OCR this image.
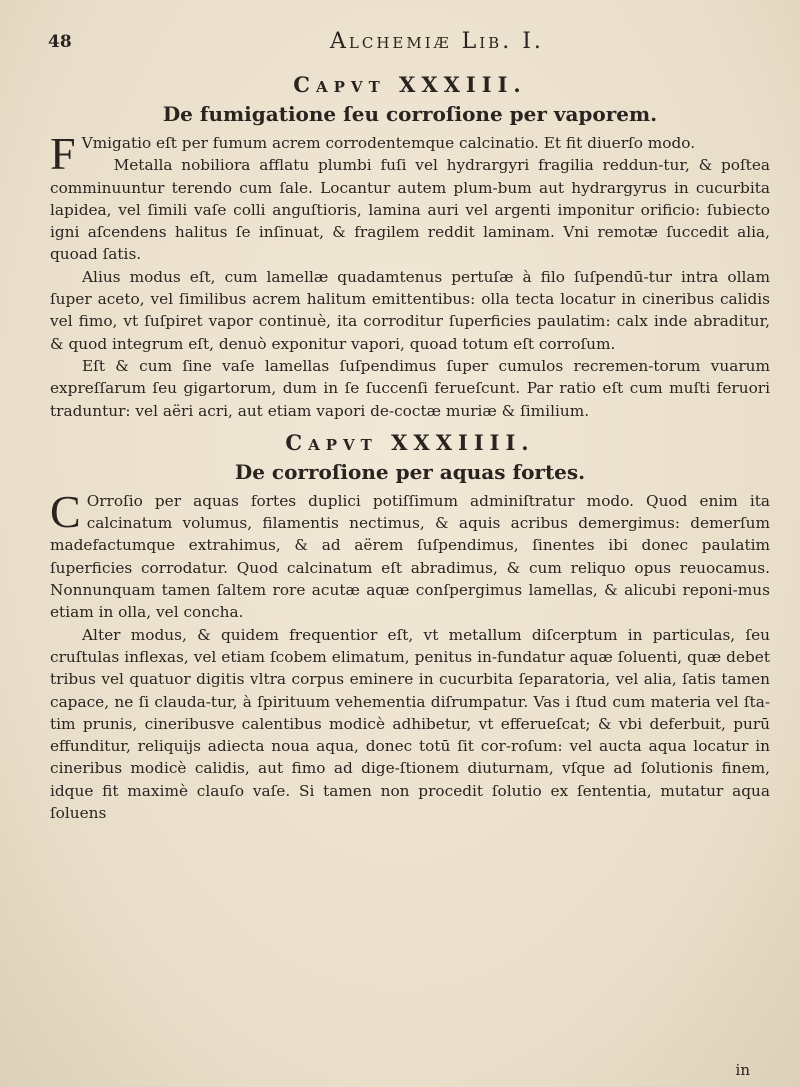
48	Alchemiæ Lib. I.
Capvt XXXIII.
De fumigatione ſeu corroſione per vaporem.

F Vmigatio eſt per fumum acrem corrodentemque calcinatio. Et fit diuerſo modo.

Metalla nobiliora afflatu plumbi fuſi vel hydrargyri fragilia reddun-tur, & poſtea comminuuntur terendo cum ſale. Locantur autem plum-bum aut hydrargyrus in cucurbita lapidea, vel ſimili vaſe colli anguſtioris, lamina auri vel argenti imponitur orificio: ſubiecto igni aſcendens halitus ſe inſinuat, & fragilem reddit laminam. Vni remotæ ſuccedit alia, quoad ſatis.

Alius modus eſt, cum lamellæ quadamtenus pertuſæ à filo ſuſpendū-tur intra ollam ſuper aceto, vel ſimilibus acrem halitum emittentibus: olla tecta locatur in cineribus calidis vel fimo, vt ſuſpiret vapor continuè, ita corroditur ſuperficies paulatim: calx inde abraditur, & quod integrum eſt, denuò exponitur vapori, quoad totum eſt corroſum.

Eſt & cum ſine vaſe lamellas ſuſpendimus ſuper cumulos recremen-torum vuarum expreſſarum ſeu gigartorum, dum in ſe ſuccenſi ferueſcunt. Par ratio eſt cum muſti feruori traduntur: vel aëri acri, aut etiam vapori de-coctæ muriæ & ſimilium.

Capvt XXXIIII.
De corroſione per aquas fortes.

C Orroſio per aquas fortes duplici potiſſimum adminiſtratur modo. Quod enim ita calcinatum volumus, filamentis nectimus, & aquis acribus demergimus: demerſum madefactumque extrahimus, & ad aërem ſuſpendimus, ſinentes ibi donec paulatim ſuperficies corrodatur. Quod calcinatum eſt abradimus, & cum reliquo opus reuocamus. Nonnunquam tamen ſaltem rore acutæ aquæ conſpergimus lamellas, & alicubi reponi-mus etiam in olla, vel concha.

Alter modus, & quidem frequentior eſt, vt metallum diſcerptum in particulas, ſeu cruſtulas inflexas, vel etiam ſcobem elimatum, penitus in-fundatur aquæ ſoluenti, quæ debet tribus vel quatuor digitis vltra corpus eminere in cucurbita ſeparatoria, vel alia, ſatis tamen capace, ne ſi clauda-tur, à ſpirituum vehementia diſrumpatur. Vas i ſtud cum materia vel ſta-tim prunis, cineribusve calentibus modicè adhibetur, vt efferueſcat; & vbi deferbuit, purū effunditur, reliquijs adiecta noua aqua, donec totū ſit cor-roſum: vel aucta aqua locatur in cineribus modicè calidis, aut fimo ad dige-ſtionem diuturnam, vſque ad ſolutionis finem, idque fit maximè clauſo vaſe. Si tamen non procedit ſolutio ex ſententia, mutatur aqua ſoluens

in
